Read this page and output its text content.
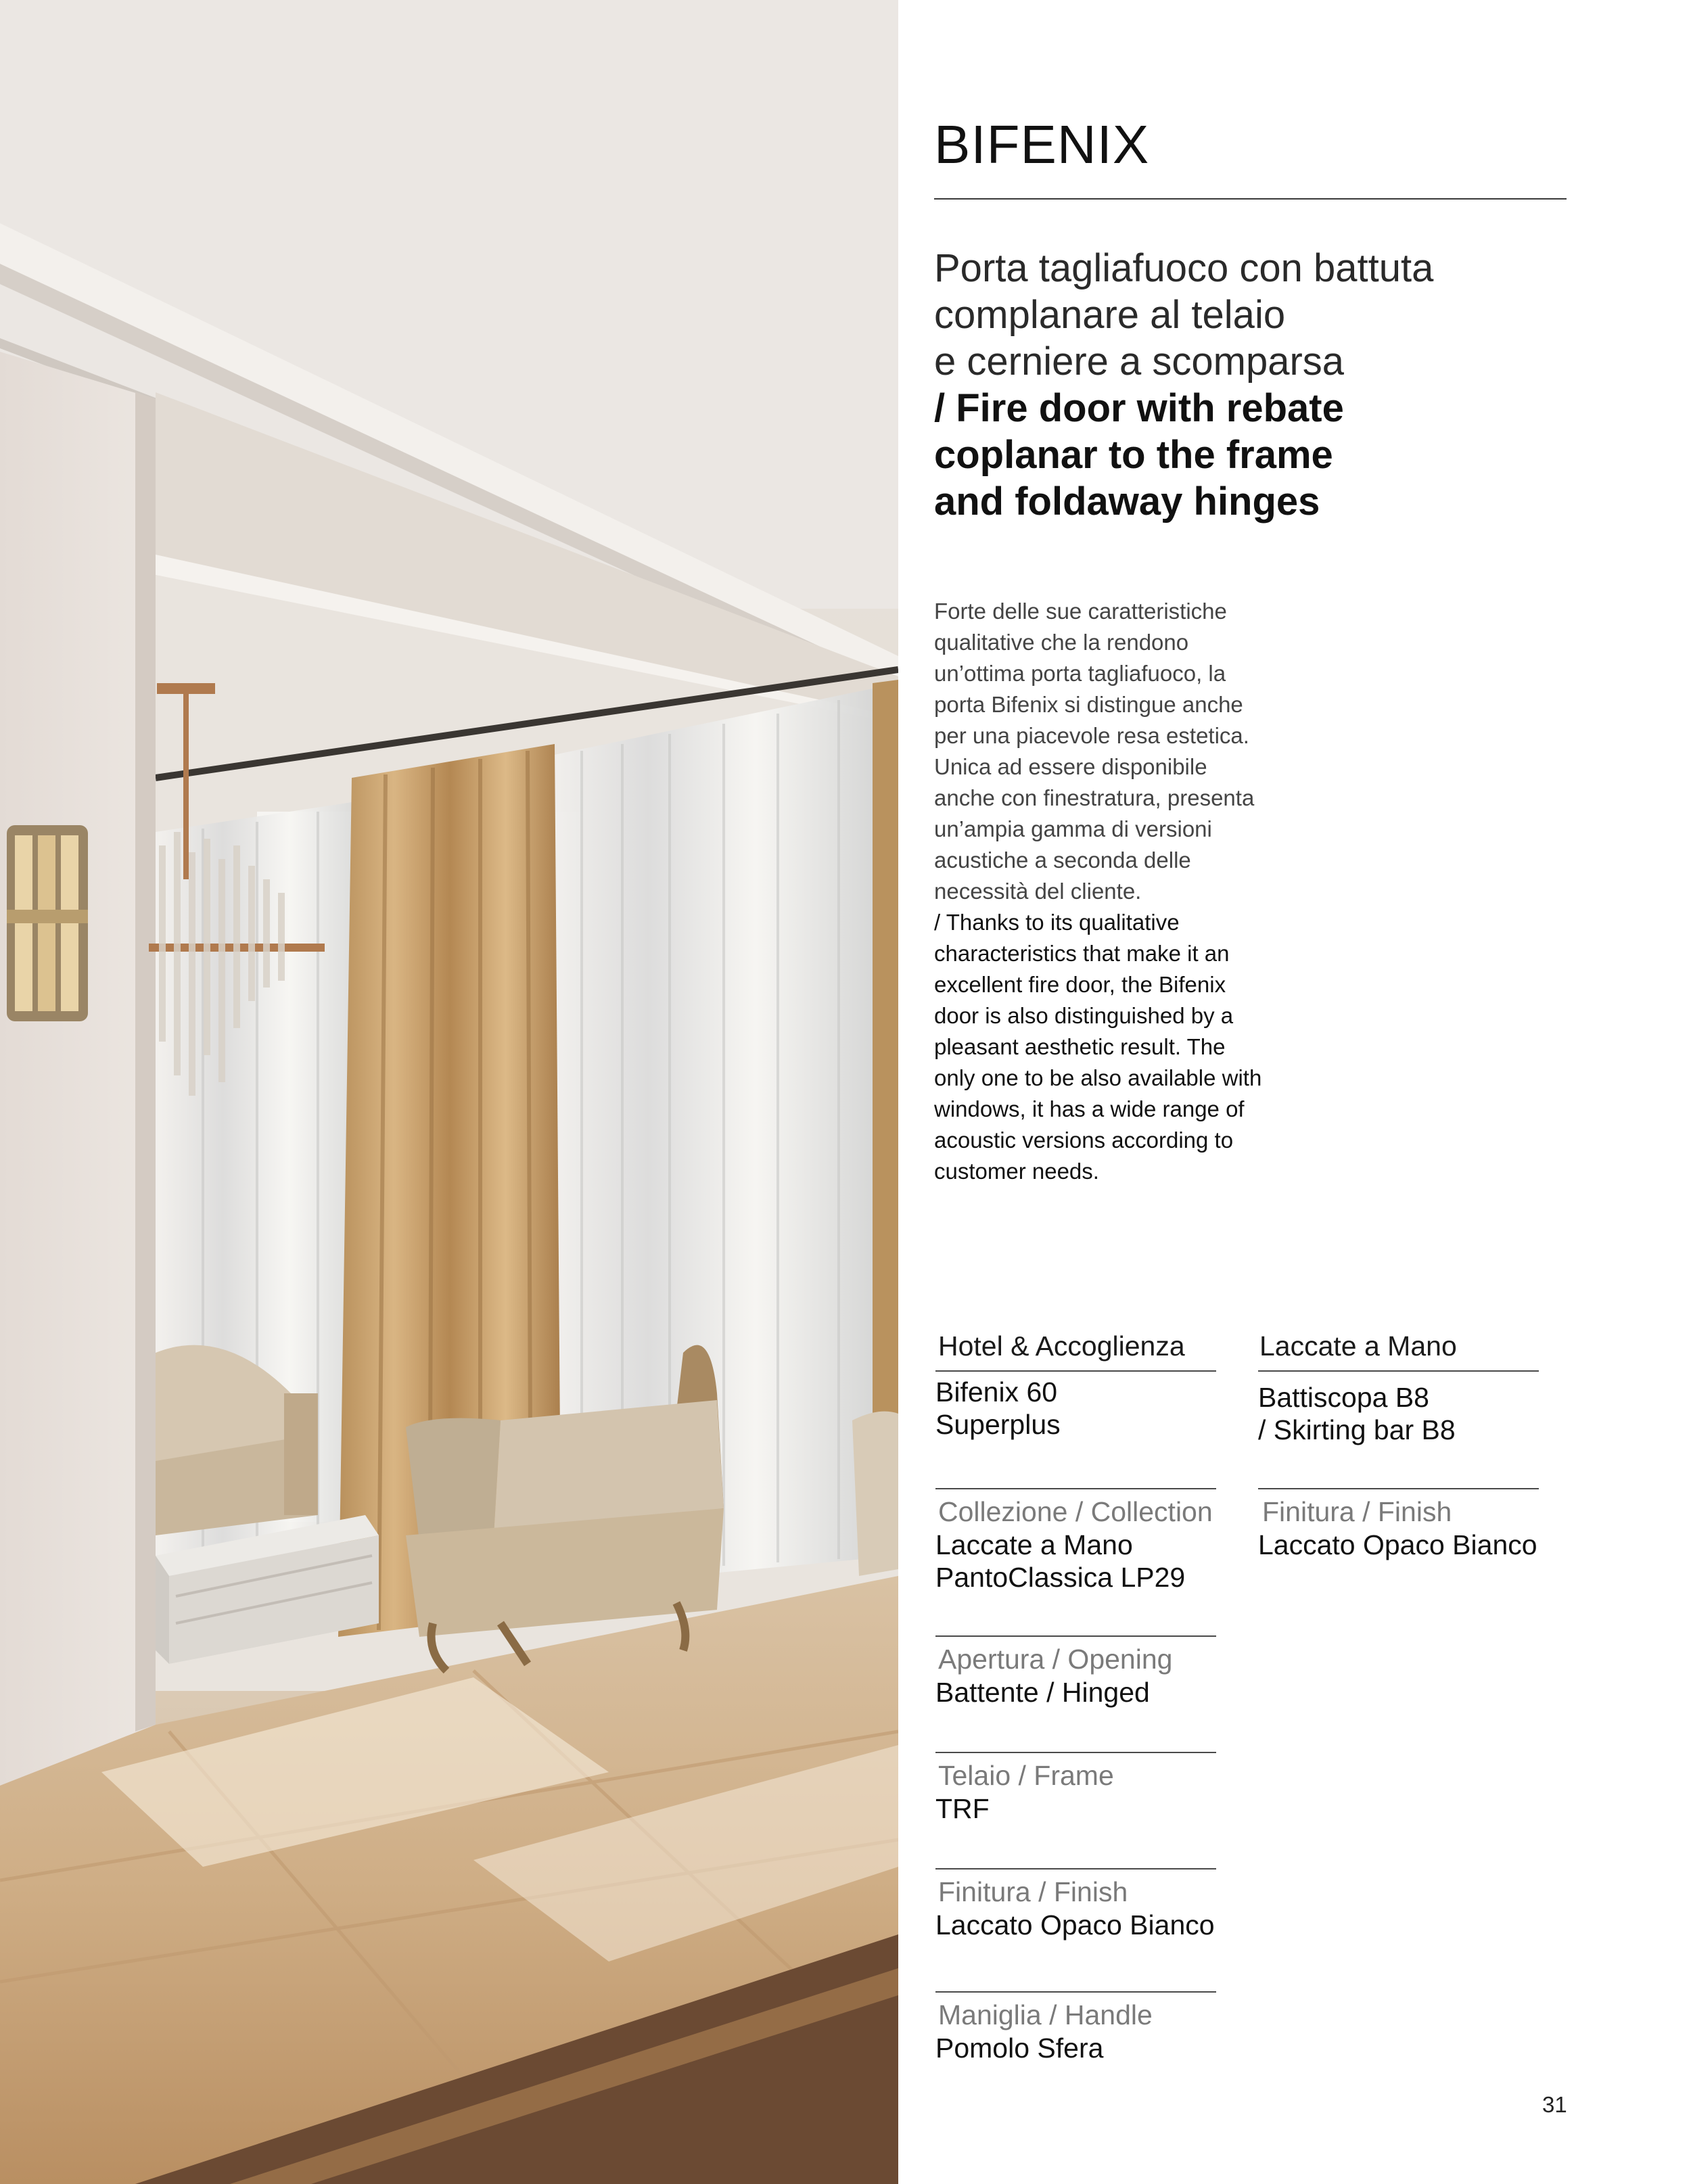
BIFENIX
Porta tagliafuoco con battuta
complanare al telaio
e cerniere a scomparsa
/ Fire door with rebate
coplanar to the frame
and foldaway hinges
Forte delle sue caratteristiche
qualitative che la rendono
un’ottima porta tagliafuoco, la
porta Bifenix si distingue anche
per una piacevole resa estetica.
Unica ad essere disponibile
anche con finestratura, presenta
un’ampia gamma di versioni
acustiche a seconda delle
necessità del cliente.
/ Thanks to its qualitative
characteristics that make it an
excellent fire door, the Bifenix
door is also distinguished by a
pleasant aesthetic result. The
only one to be also available with
windows, it has a wide range of
acoustic versions according to
customer needs.
Hotel & Accoglienza
Bifenix 60
Superplus
Collezione / Collection
Laccate a Mano
PantoClassica LP29
Apertura / Opening
Battente / Hinged
Telaio / Frame
TRF
Finitura / Finish
Laccato Opaco Bianco
Maniglia / Handle
Pomolo Sfera
Laccate a Mano
Battiscopa B8
/ Skirting bar B8
Finitura / Finish
Laccato Opaco Bianco
31
